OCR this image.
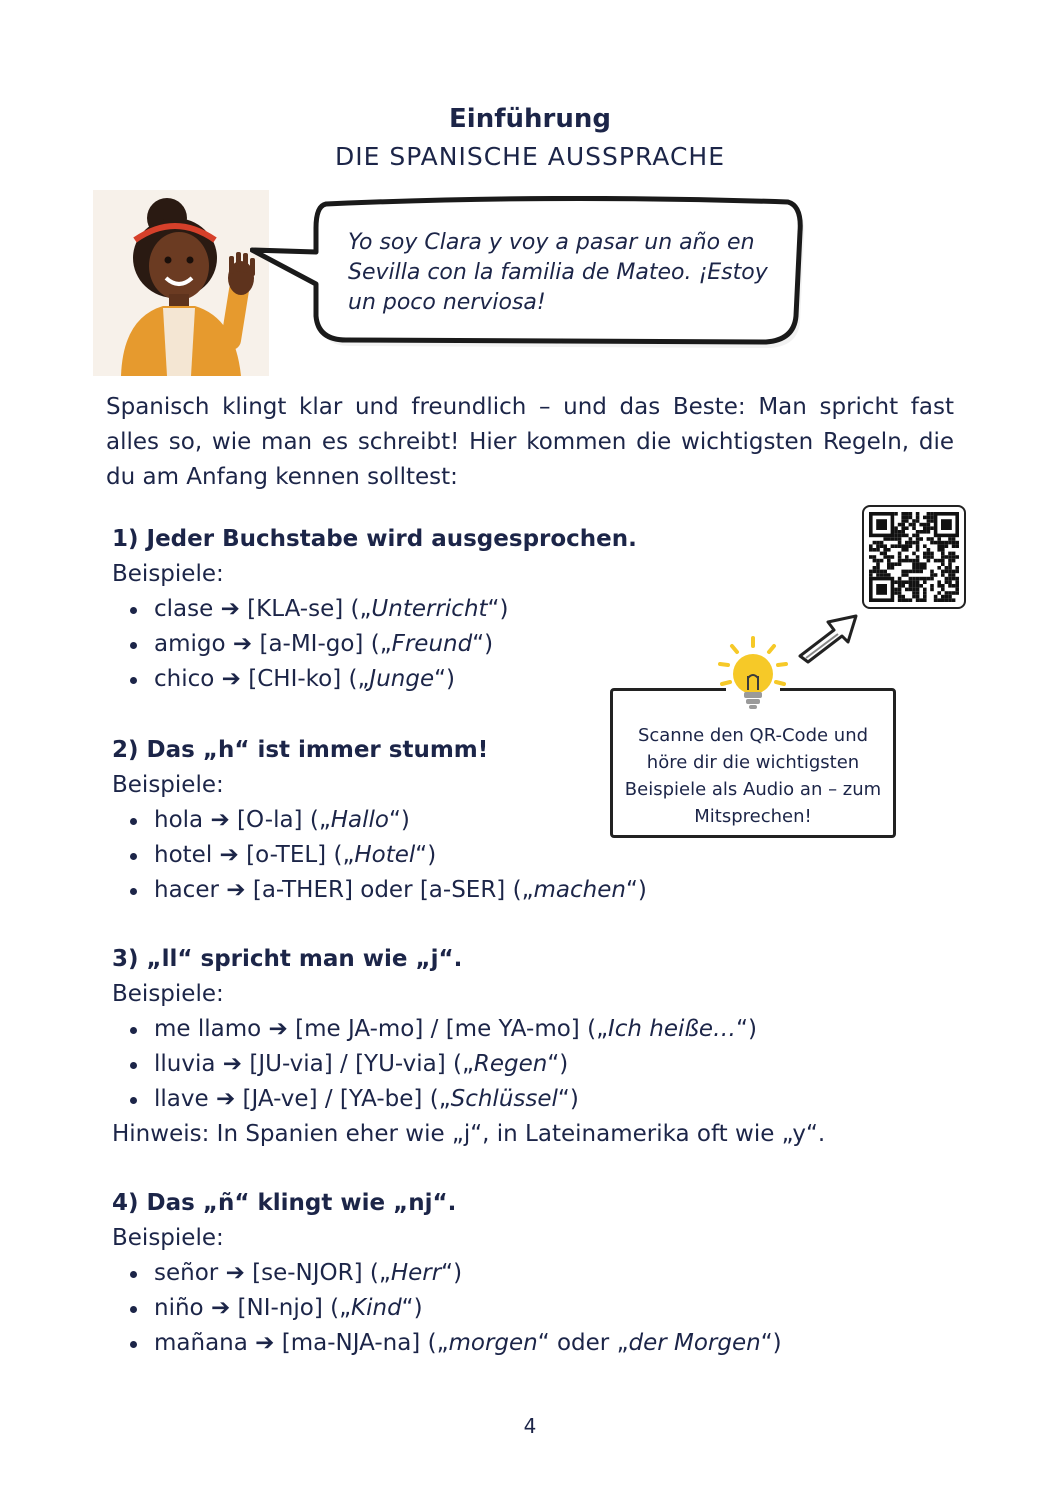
Einführung
DIE SPANISCHE AUSSPRACHE
Yo soy Clara y voy a pasar un año en Sevilla con la familia de Mateo. ¡Estoy un poco nerviosa!
Spanisch klingt klar und freundlich – und das Beste: Man spricht fast alles so, wie man es schreibt! Hier kommen die wichtigsten Regeln, die du am Anfang kennen solltest:
1) Jeder Buchstabe wird ausgesprochen.
Beispiele:
clase ➔ [KLA-se] („Unterricht“)
amigo ➔ [a-MI-go] („Freund“)
chico ➔ [CHI-ko] („Junge“)
2) Das „h“ ist immer stumm!
Beispiele:
hola ➔ [O-la] („Hallo“)
hotel ➔ [o-TEL] („Hotel“)
hacer ➔ [a-THER] oder [a-SER] („machen“)
3) „ll“ spricht man wie „j“.
Beispiele:
me llamo ➔ [me JA-mo] / [me YA-mo] („Ich heiße…“)
lluvia ➔ [JU-via] / [YU-via] („Regen“)
llave ➔ [JA-ve] / [YA-be] („Schlüssel“)
Hinweis: In Spanien eher wie „j“, in Lateinamerika oft wie „y“.
4) Das „ñ“ klingt wie „nj“.
Beispiele:
señor ➔ [se-NJOR] („Herr“)
niño ➔ [NI-njo] („Kind“)
mañana ➔ [ma-NJA-na] („morgen“ oder „der Morgen“)
Scanne den QR-Code und höre dir die wichtigsten Beispiele als Audio an – zum Mitsprechen!
4
